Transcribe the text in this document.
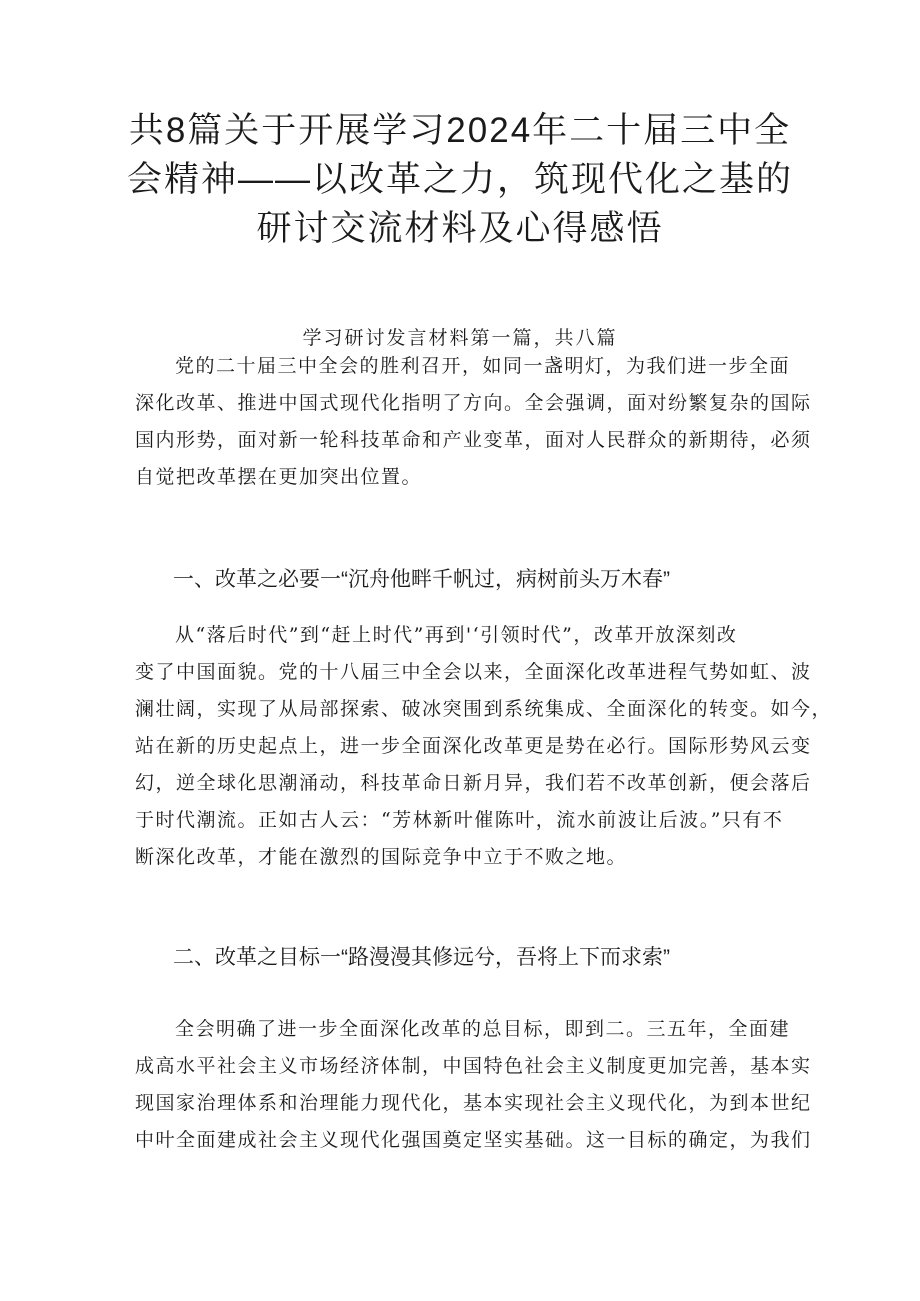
共8篇关于开展学习2024年二十届三中全
会精神——以改革之力，筑现代化之基的
研讨交流材料及心得感悟
学习研讨发言材料第一篇，共八篇

党的二十届三中全会的胜利召开，如同一盏明灯，为我们进一步全面
深化改革、推进中国式现代化指明了方向。全会强调，面对纷繁复杂的国际
国内形势，面对新一轮科技革命和产业变革，面对人民群众的新期待，必须
自觉把改革摆在更加突出位置。

一、改革之必要一“沉舟他畔千帆过，病树前头万木春”

从“落后时代”到“赶上时代”再到'‘引领时代”，改革开放深刻改
变了中国面貌。党的十八届三中全会以来，全面深化改革进程气势如虹、波
澜壮阔，实现了从局部探索、破冰突围到系统集成、全面深化的转变。如今，
站在新的历史起点上，进一步全面深化改革更是势在必行。国际形势风云变
幻，逆全球化思潮涌动，科技革命日新月异，我们若不改革创新，便会落后
于时代潮流。正如古人云：“芳林新叶催陈叶，流水前波让后波。”只有不
断深化改革，才能在激烈的国际竞争中立于不败之地。

二、改革之目标一“路漫漫其修远兮，吾将上下而求索”

全会明确了进一步全面深化改革的总目标，即到二。三五年，全面建
成高水平社会主义市场经济体制，中国特色社会主义制度更加完善，基本实
现国家治理体系和治理能力现代化，基本实现社会主义现代化，为到本世纪
中叶全面建成社会主义现代化强国奠定坚实基础。这一目标的确定，为我们
